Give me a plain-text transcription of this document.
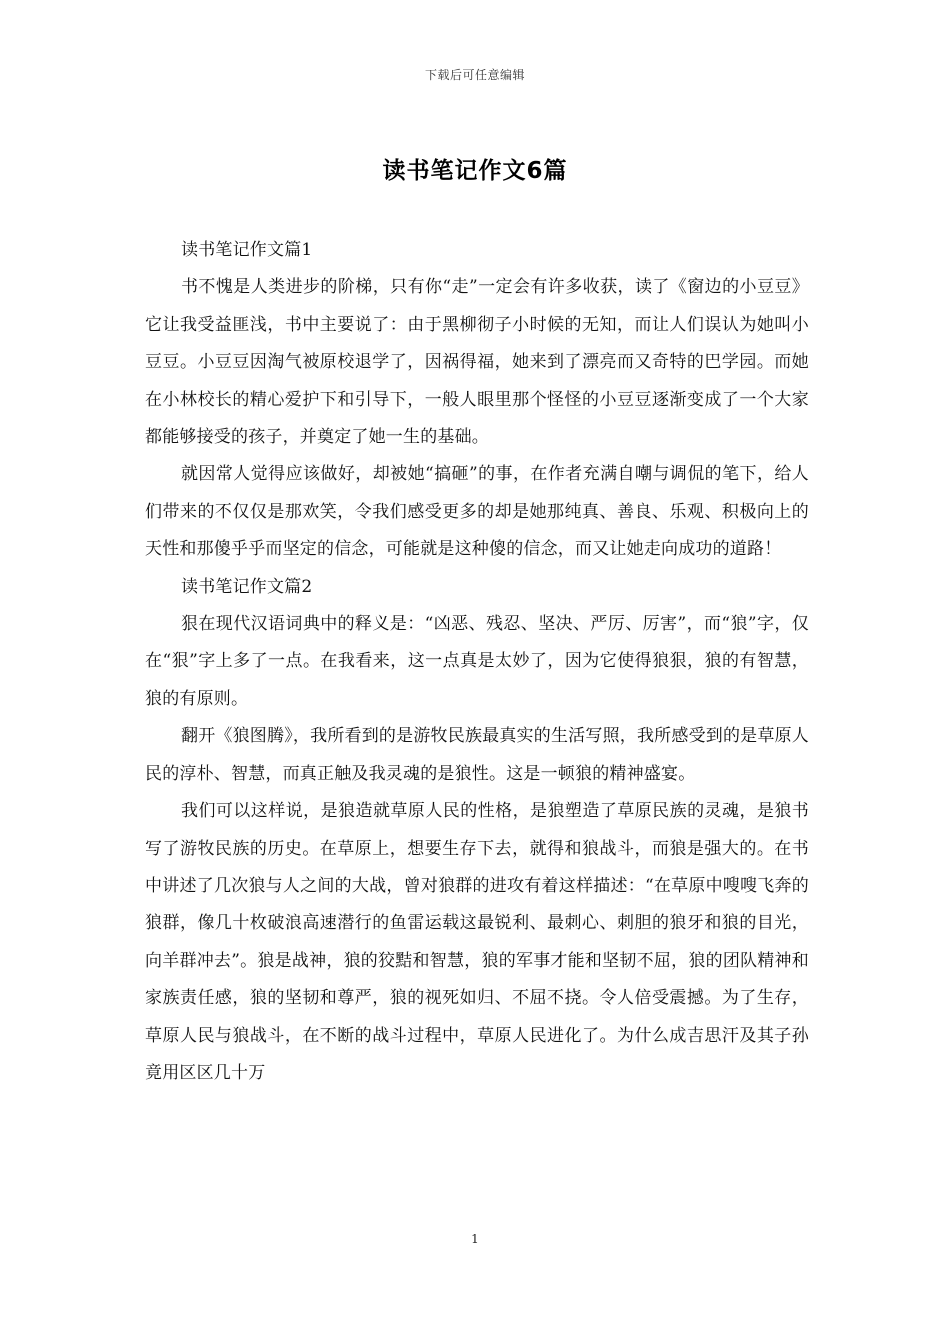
下载后可任意编辑
读书笔记作文6篇

读书笔记作文篇1

书不愧是人类进步的阶梯，只有你“走”一定会有许多收获，读了《窗边的小豆豆》它让我受益匪浅，书中主要说了：由于黑柳彻子小时候的无知，而让人们误认为她叫小豆豆。小豆豆因淘气被原校退学了，因祸得福，她来到了漂亮而又奇特的巴学园。而她在小林校长的精心爱护下和引导下，一般人眼里那个怪怪的小豆豆逐渐变成了一个大家都能够接受的孩子，并奠定了她一生的基础。

就因常人觉得应该做好，却被她“搞砸”的事，在作者充满自嘲与调侃的笔下，给人们带来的不仅仅是那欢笑，令我们感受更多的却是她那纯真、善良、乐观、积极向上的天性和那傻乎乎而坚定的信念，可能就是这种傻的信念，而又让她走向成功的道路！

读书笔记作文篇2

狠在现代汉语词典中的释义是：“凶恶、残忍、坚决、严厉、厉害”，而“狼”字，仅在“狠”字上多了一点。在我看来，这一点真是太妙了，因为它使得狼狠，狼的有智慧，狼的有原则。

翻开《狼图腾》，我所看到的是游牧民族最真实的生活写照，我所感受到的是草原人民的淳朴、智慧，而真正触及我灵魂的是狼性。这是一顿狼的精神盛宴。

我们可以这样说，是狼造就草原人民的性格，是狼塑造了草原民族的灵魂，是狼书写了游牧民族的历史。在草原上，想要生存下去，就得和狼战斗，而狼是强大的。在书中讲述了几次狼与人之间的大战，曾对狼群的进攻有着这样描述：“在草原中嗖嗖飞奔的狼群，像几十枚破浪高速潜行的鱼雷运载这最锐利、最刺心、刺胆的狼牙和狼的目光，向羊群冲去”。狼是战神，狼的狡黠和智慧，狼的军事才能和坚韧不屈，狼的团队精神和家族责任感，狼的坚韧和尊严，狼的视死如归、不屈不挠。令人倍受震撼。为了生存，草原人民与狼战斗，在不断的战斗过程中，草原人民进化了。为什么成吉思汗及其子孙竟用区区几十万

1
